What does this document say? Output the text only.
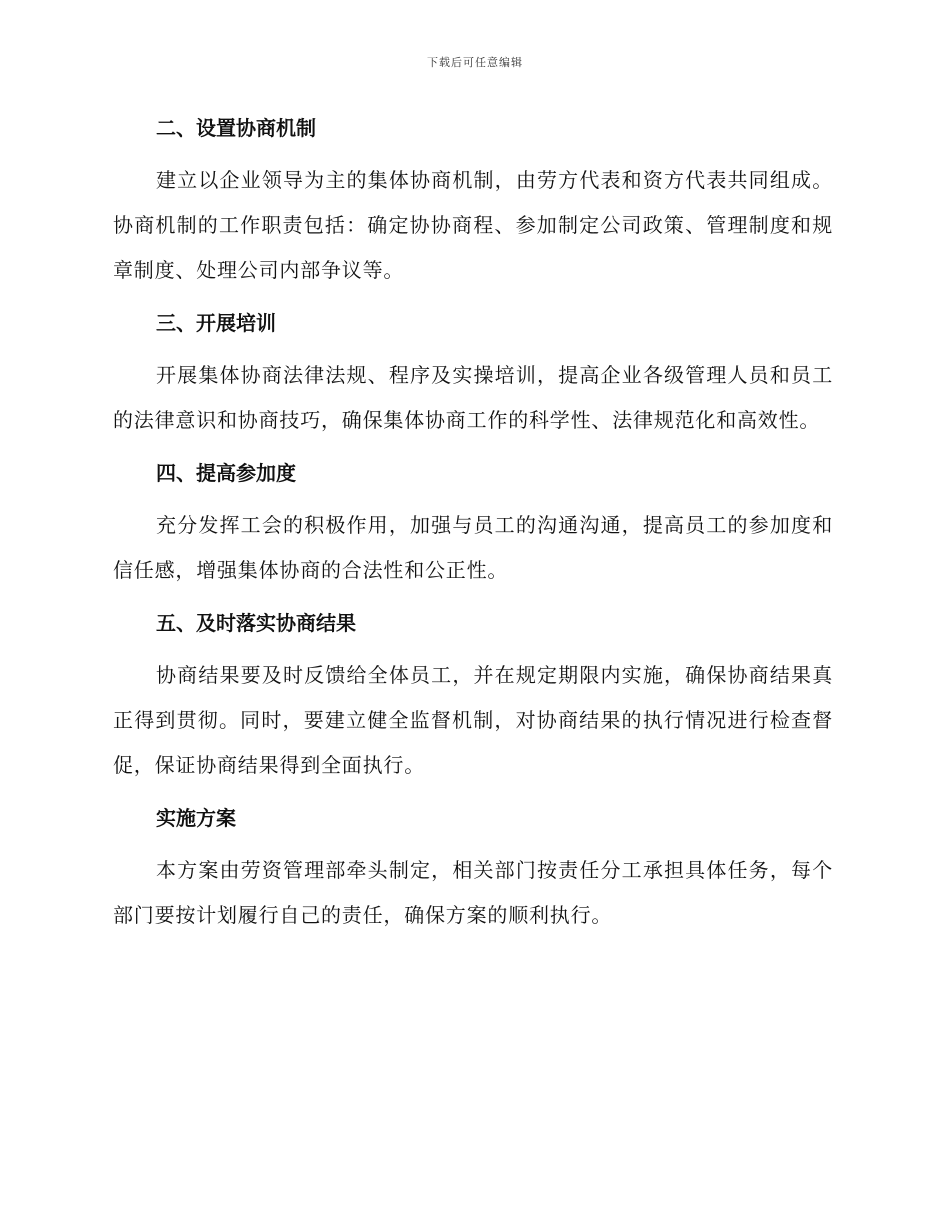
下载后可任意编辑
二、设置协商机制

建立以企业领导为主的集体协商机制，由劳方代表和资方代表共同组成。协商机制的工作职责包括：确定协协商程、参加制定公司政策、管理制度和规章制度、处理公司内部争议等。

三、开展培训

开展集体协商法律法规、程序及实操培训，提高企业各级管理人员和员工的法律意识和协商技巧，确保集体协商工作的科学性、法律规范化和高效性。

四、提高参加度

充分发挥工会的积极作用，加强与员工的沟通沟通，提高员工的参加度和信任感，增强集体协商的合法性和公正性。

五、及时落实协商结果

协商结果要及时反馈给全体员工，并在规定期限内实施，确保协商结果真正得到贯彻。同时，要建立健全监督机制，对协商结果的执行情况进行检查督促，保证协商结果得到全面执行。

实施方案

本方案由劳资管理部牵头制定，相关部门按责任分工承担具体任务，每个部门要按计划履行自己的责任，确保方案的顺利执行。
